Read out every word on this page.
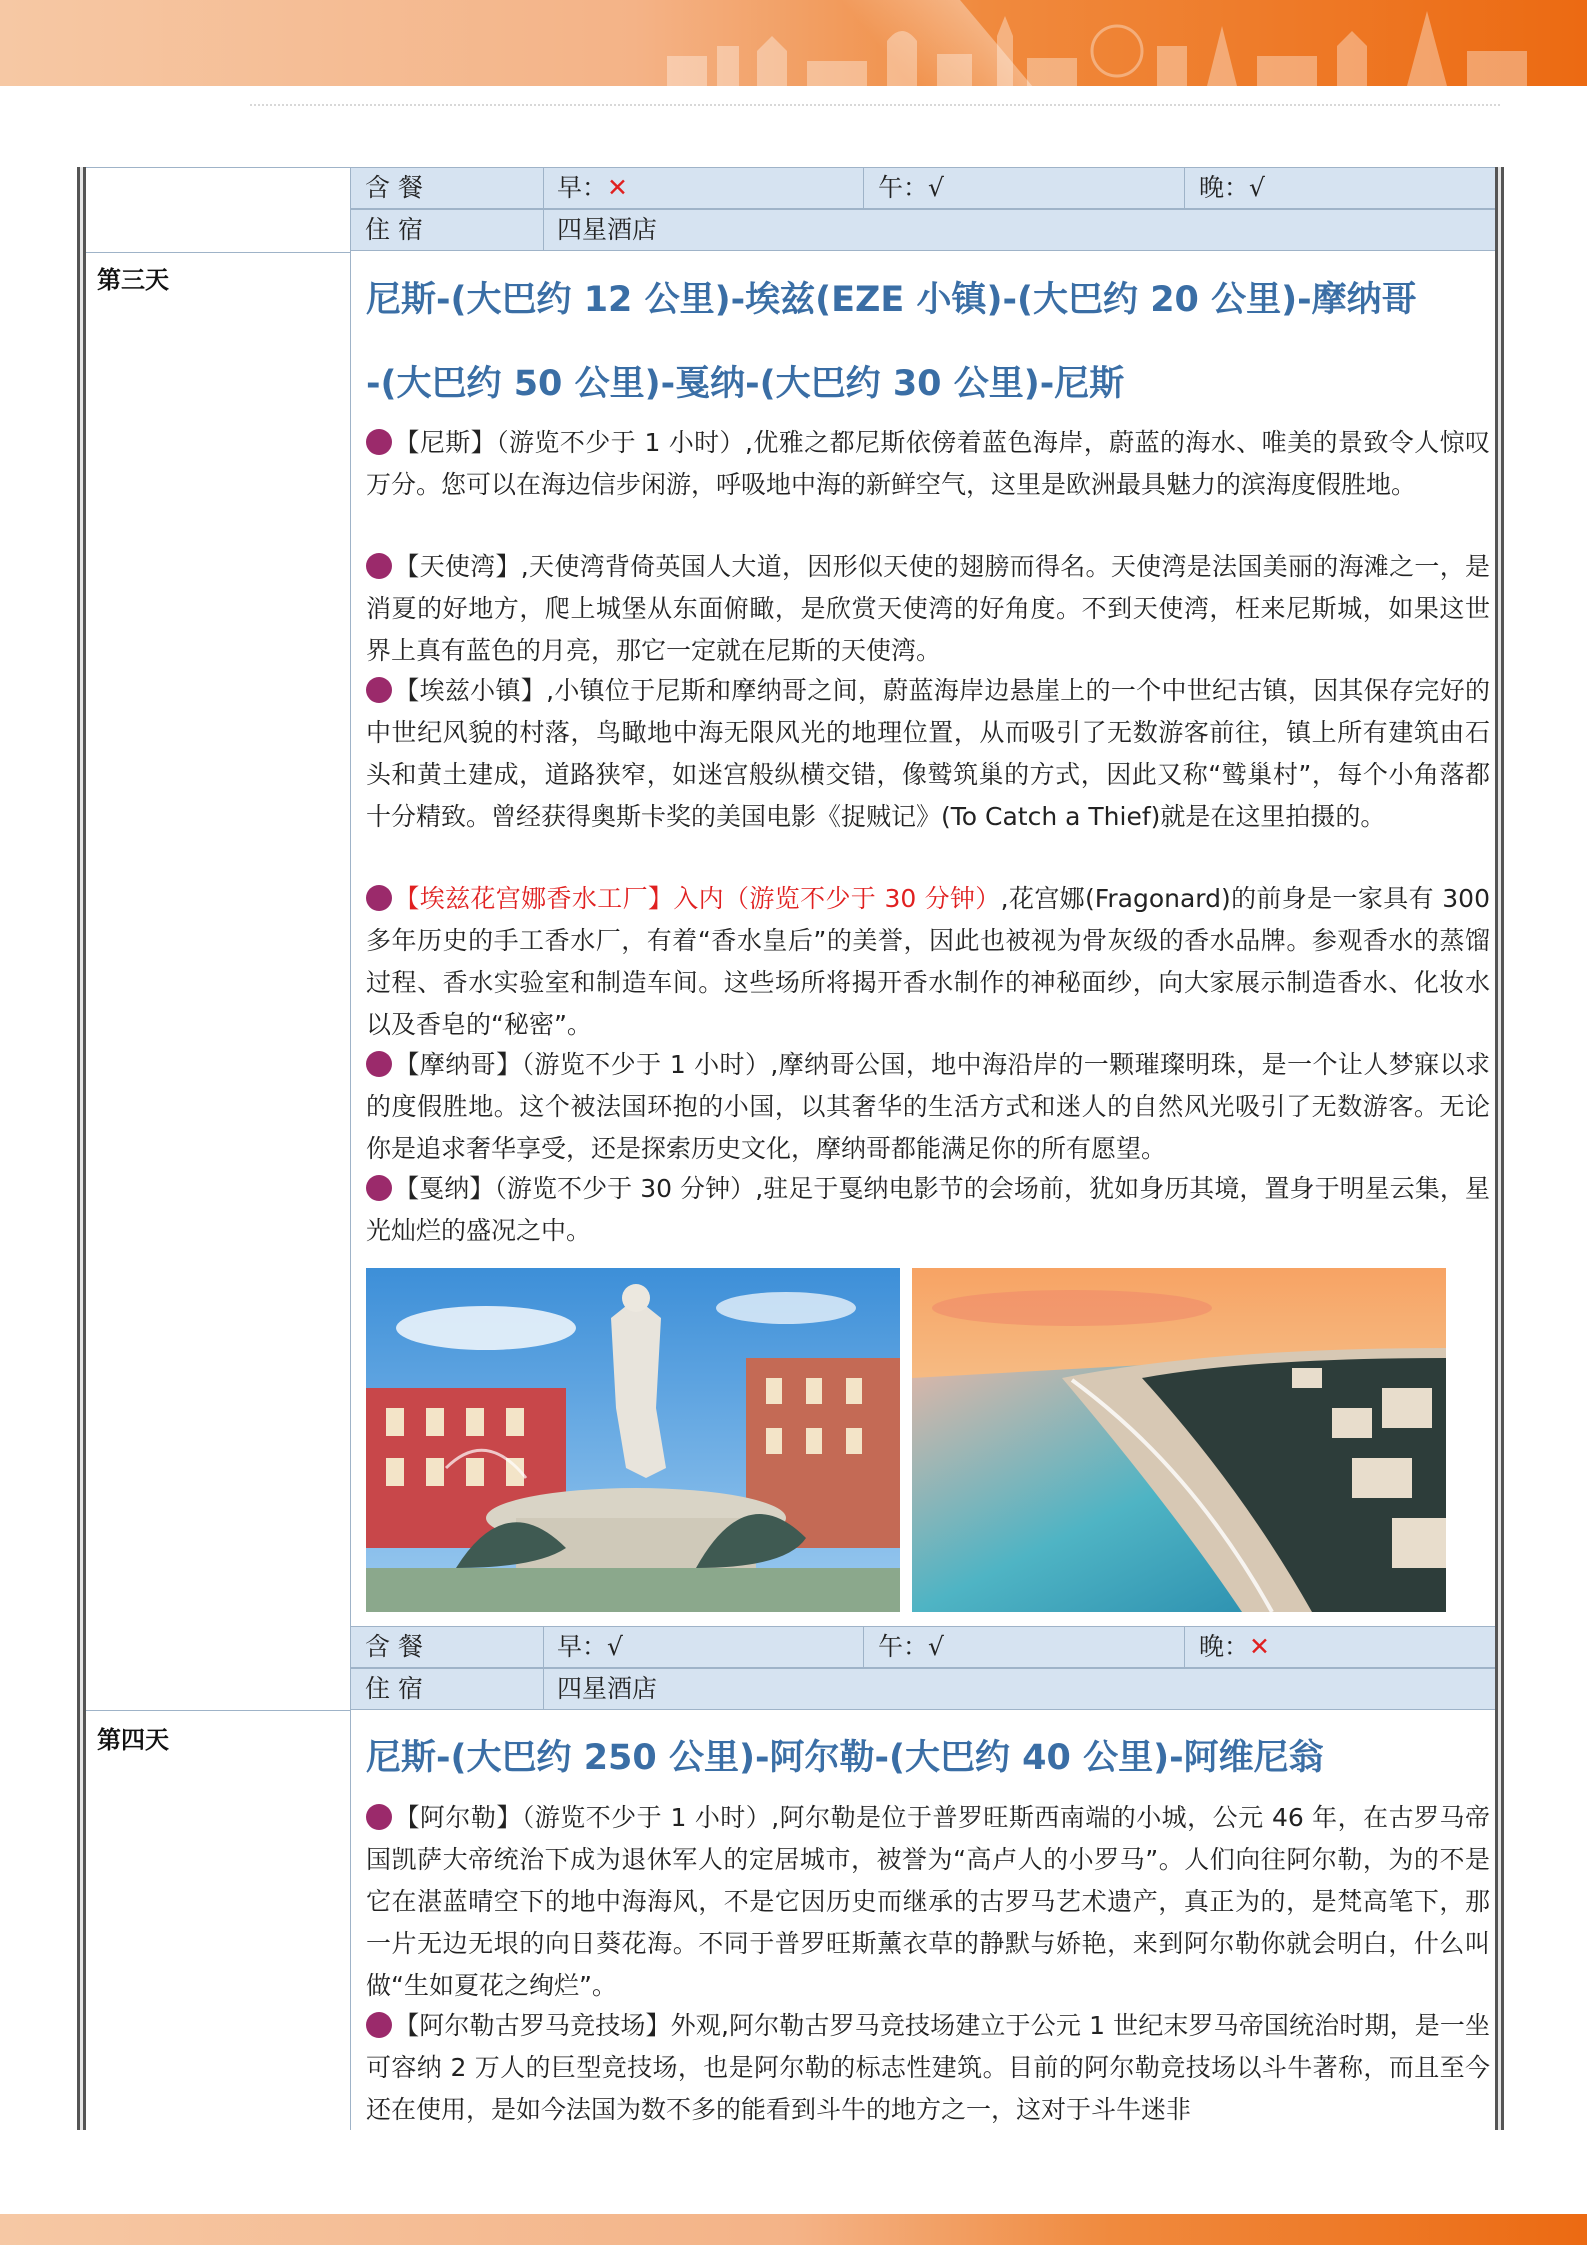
含 餐	早：✕	午：√	晚：√
住 宿	四星酒店
第三天	尼斯-(大巴约 12 公里)-埃兹(EZE 小镇)-(大巴约 20 公里)-摩纳哥
-(大巴约 50 公里)-戛纳-(大巴约 30 公里)-尼斯
【尼斯】（游览不少于 1 小时）,优雅之都尼斯依傍着蓝色海岸，蔚蓝的海水、唯美的景致令人惊叹万分。您可以在海边信步闲游，呼吸地中海的新鲜空气，这里是欧洲最具魅力的滨海度假胜地。
【天使湾】,天使湾背倚英国人大道，因形似天使的翅膀而得名。天使湾是法国美丽的海滩之一，是消夏的好地方，爬上城堡从东面俯瞰，是欣赏天使湾的好角度。不到天使湾，枉来尼斯城，如果这世界上真有蓝色的月亮，那它一定就在尼斯的天使湾。
【埃兹小镇】,小镇位于尼斯和摩纳哥之间，蔚蓝海岸边悬崖上的一个中世纪古镇，因其保存完好的中世纪风貌的村落，鸟瞰地中海无限风光的地理位置，从而吸引了无数游客前往，镇上所有建筑由石头和黄土建成，道路狭窄，如迷宫般纵横交错，像鹫筑巢的方式，因此又称“鹫巢村”，每个小角落都十分精致。曾经获得奥斯卡奖的美国电影《捉贼记》(To Catch a Thief)就是在这里拍摄的。
【埃兹花宫娜香水工厂】入内（游览不少于 30 分钟）,花宫娜(Fragonard)的前身是一家具有 300 多年历史的手工香水厂，有着“香水皇后”的美誉，因此也被视为骨灰级的香水品牌。参观香水的蒸馏过程、香水实验室和制造车间。这些场所将揭开香水制作的神秘面纱，向大家展示制造香水、化妆水以及香皂的“秘密”。
【摩纳哥】（游览不少于 1 小时）,摩纳哥公国，地中海沿岸的一颗璀璨明珠，是一个让人梦寐以求的度假胜地。这个被法国环抱的小国，以其奢华的生活方式和迷人的自然风光吸引了无数游客。无论你是追求奢华享受，还是探索历史文化，摩纳哥都能满足你的所有愿望。
【戛纳】（游览不少于 30 分钟）,驻足于戛纳电影节的会场前，犹如身历其境，置身于明星云集，星光灿烂的盛况之中。
含 餐	早：√	午：√	晚：✕
住 宿	四星酒店
第四天	尼斯-(大巴约 250 公里)-阿尔勒-(大巴约 40 公里)-阿维尼翁
【阿尔勒】（游览不少于 1 小时）,阿尔勒是位于普罗旺斯西南端的小城，公元 46 年，在古罗马帝国凯萨大帝统治下成为退休军人的定居城市，被誉为“高卢人的小罗马”。人们向往阿尔勒，为的不是它在湛蓝晴空下的地中海海风，不是它因历史而继承的古罗马艺术遗产，真正为的，是梵高笔下，那一片无边无垠的向日葵花海。不同于普罗旺斯薰衣草的静默与娇艳，来到阿尔勒你就会明白，什么叫做“生如夏花之绚烂”。
【阿尔勒古罗马竞技场】外观,阿尔勒古罗马竞技场建立于公元 1 世纪末罗马帝国统治时期，是一坐可容纳 2 万人的巨型竞技场，也是阿尔勒的标志性建筑。目前的阿尔勒竞技场以斗牛著称，而且至今还在使用，是如今法国为数不多的能看到斗牛的地方之一，这对于斗牛迷非
